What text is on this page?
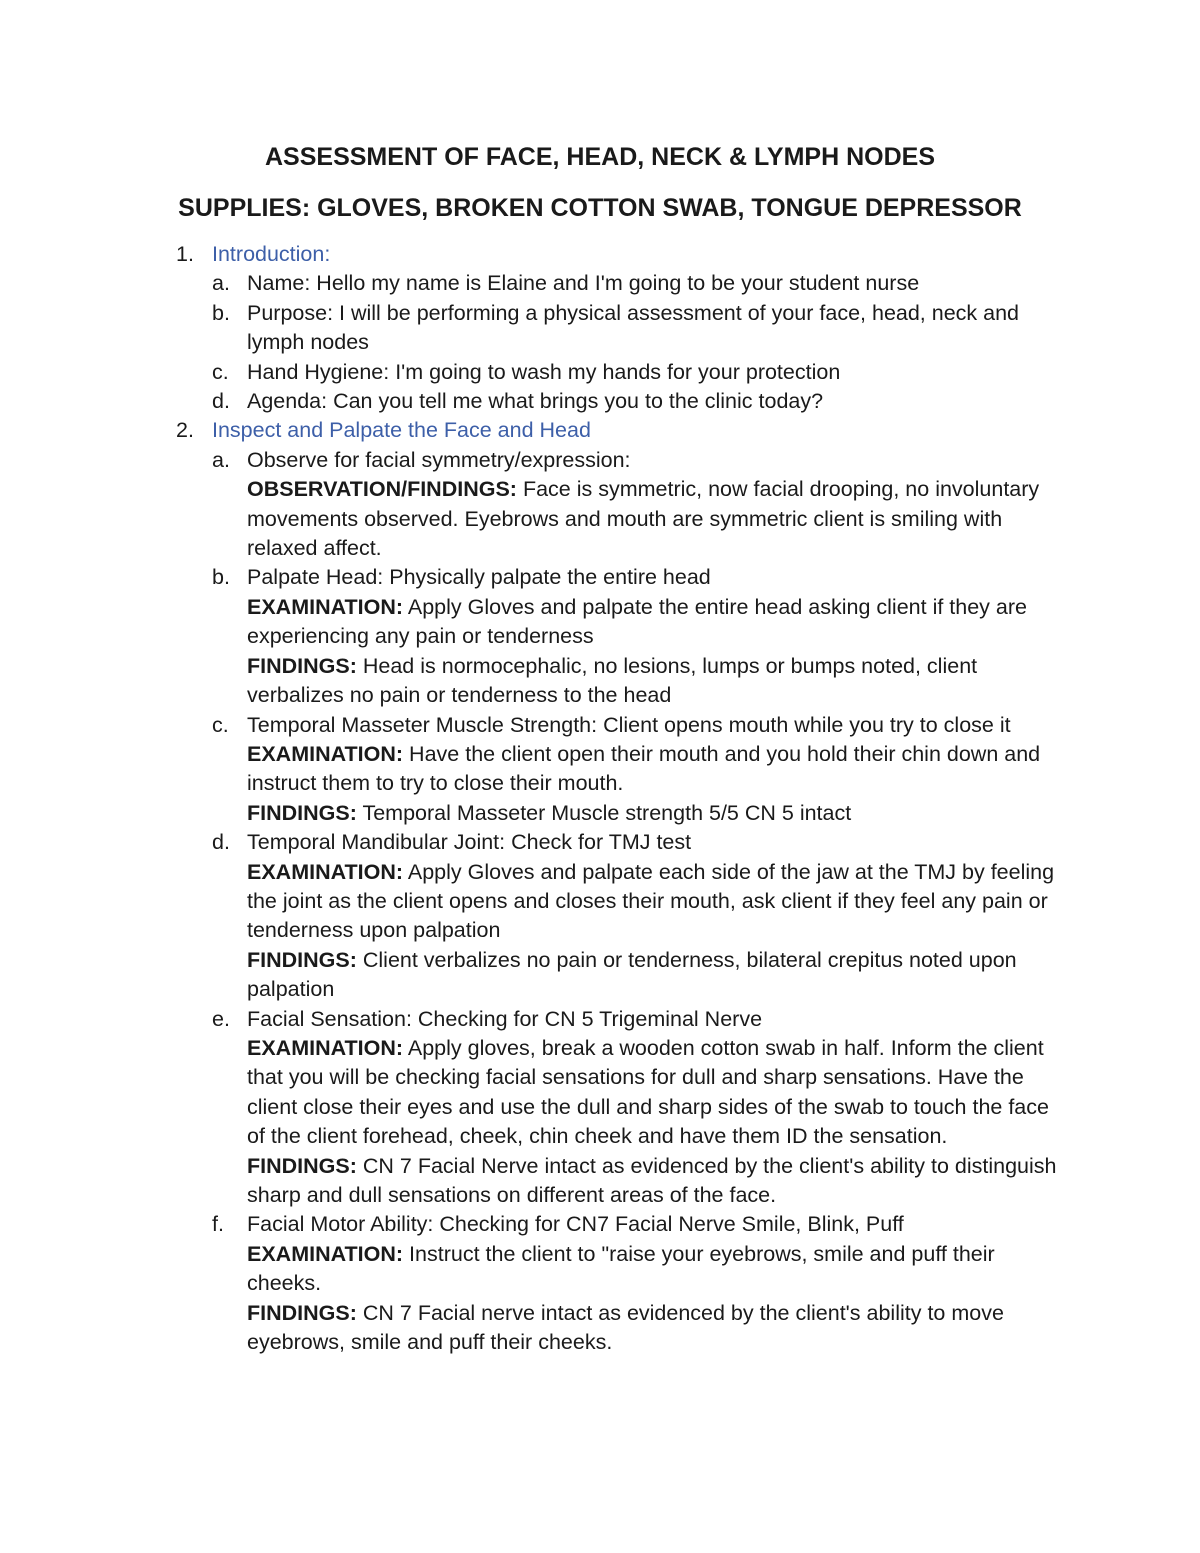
ASSESSMENT OF FACE, HEAD, NECK & LYMPH NODES
SUPPLIES: GLOVES, BROKEN COTTON SWAB, TONGUE DEPRESSOR
1. Introduction:
a. Name: Hello my name is Elaine and I'm going to be your student nurse
b. Purpose: I will be performing a physical assessment of your face, head, neck and lymph nodes
c. Hand Hygiene: I'm going to wash my hands for your protection
d. Agenda: Can you tell me what brings you to the clinic today?
2. Inspect and Palpate the Face and Head
a. Observe for facial symmetry/expression:
OBSERVATION/FINDINGS: Face is symmetric, now facial drooping, no involuntary movements observed. Eyebrows and mouth are symmetric client is smiling with relaxed affect.
b. Palpate Head: Physically palpate the entire head
EXAMINATION: Apply Gloves and palpate the entire head asking client if they are experiencing any pain or tenderness
FINDINGS: Head is normocephalic, no lesions, lumps or bumps noted, client verbalizes no pain or tenderness to the head
c. Temporal Masseter Muscle Strength: Client opens mouth while you try to close it
EXAMINATION: Have the client open their mouth and you hold their chin down and instruct them to try to close their mouth.
FINDINGS: Temporal Masseter Muscle strength 5/5 CN 5 intact
d. Temporal Mandibular Joint: Check for TMJ test
EXAMINATION: Apply Gloves and palpate each side of the jaw at the TMJ by feeling the joint as the client opens and closes their mouth, ask client if they feel any pain or tenderness upon palpation
FINDINGS: Client verbalizes no pain or tenderness, bilateral crepitus noted upon palpation
e. Facial Sensation: Checking for CN 5 Trigeminal Nerve
EXAMINATION: Apply gloves, break a wooden cotton swab in half. Inform the client that you will be checking facial sensations for dull and sharp sensations. Have the client close their eyes and use the dull and sharp sides of the swab to touch the face of the client forehead, cheek, chin cheek and have them ID the sensation.
FINDINGS: CN 7 Facial Nerve intact as evidenced by the client's ability to distinguish sharp and dull sensations on different areas of the face.
f. Facial Motor Ability: Checking for CN7 Facial Nerve Smile, Blink, Puff
EXAMINATION: Instruct the client to "raise your eyebrows, smile and puff their cheeks.
FINDINGS: CN 7 Facial nerve intact as evidenced by the client's ability to move eyebrows, smile and puff their cheeks.
